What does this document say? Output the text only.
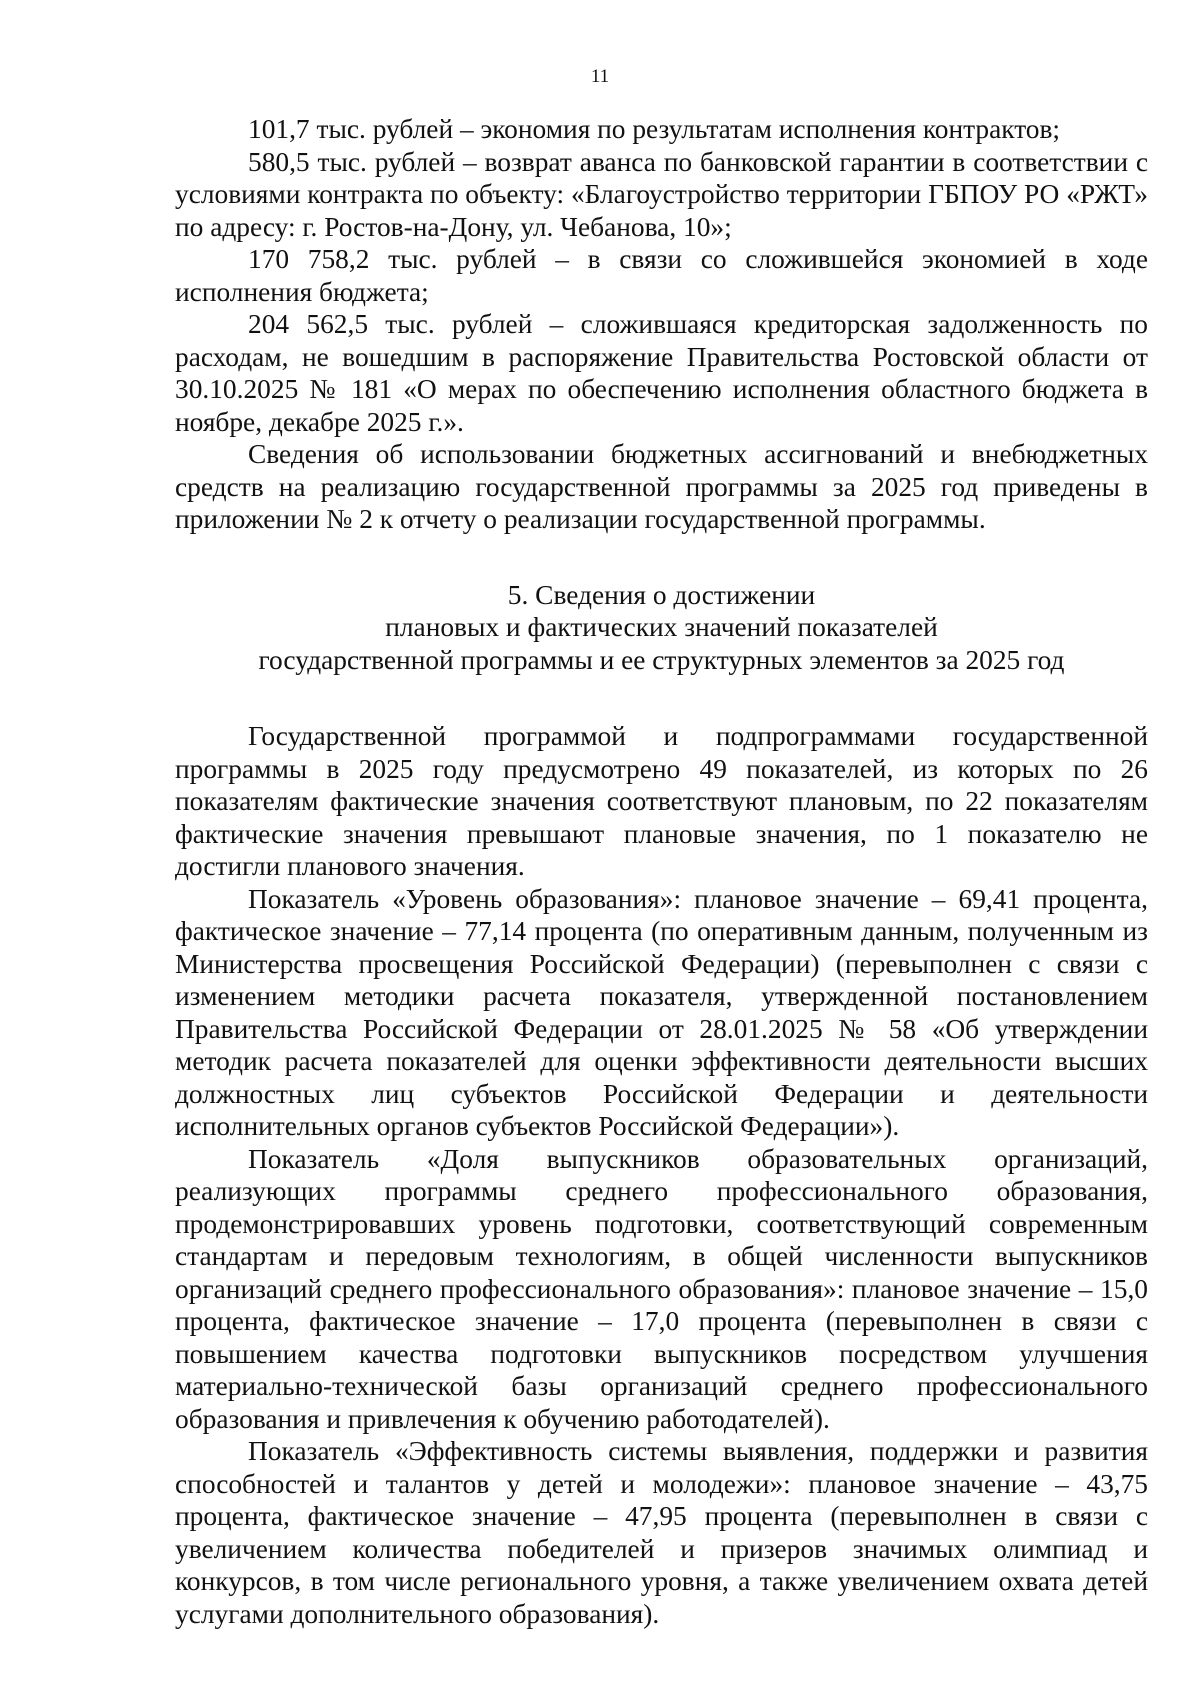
11

101,7 тыс. рублей – экономия по результатам исполнения контрактов;

580,5 тыс. рублей – возврат аванса по банковской гарантии в соответствии с условиями контракта по объекту: «Благоустройство территории ГБПОУ РО «РЖТ» по адресу: г. Ростов-на-Дону, ул. Чебанова, 10»;

170 758,2 тыс. рублей – в связи со сложившейся экономией в ходе исполнения бюджета;

204 562,5 тыс. рублей – сложившаяся кредиторская задолженность по расходам, не вошедшим в распоряжение Правительства Ростовской области от 30.10.2025 № 181 «О мерах по обеспечению исполнения областного бюджета в ноябре, декабре 2025 г.».

Сведения об использовании бюджетных ассигнований и внебюджетных средств на реализацию государственной программы за 2025 год приведены в приложении № 2 к отчету о реализации государственной программы.

5. Сведения о достижении
плановых и фактических значений показателей
государственной программы и ее структурных элементов за 2025 год

Государственной программой и подпрограммами государственной программы в 2025 году предусмотрено 49 показателей, из которых по 26 показателям фактические значения соответствуют плановым, по 22 показателям фактические значения превышают плановые значения, по 1 показателю не достигли планового значения.

Показатель «Уровень образования»: плановое значение – 69,41 процента, фактическое значение – 77,14 процента (по оперативным данным, полученным из Министерства просвещения Российской Федерации) (перевыполнен с связи с изменением методики расчета показателя, утвержденной постановлением Правительства Российской Федерации от 28.01.2025 № 58 «Об утверждении методик расчета показателей для оценки эффективности деятельности высших должностных лиц субъектов Российской Федерации и деятельности исполнительных органов субъектов Российской Федерации»).

Показатель «Доля выпускников образовательных организаций, реализующих программы среднего профессионального образования, продемонстрировавших уровень подготовки, соответствующий современным стандартам и передовым технологиям, в общей численности выпускников организаций среднего профессионального образования»: плановое значение – 15,0 процента, фактическое значение – 17,0 процента (перевыполнен в связи с повышением качества подготовки выпускников посредством улучшения материально-технической базы организаций среднего профессионального образования и привлечения к обучению работодателей).

Показатель «Эффективность системы выявления, поддержки и развития способностей и талантов у детей и молодежи»: плановое значение – 43,75 процента, фактическое значение – 47,95 процента (перевыполнен в связи с увеличением количества победителей и призеров значимых олимпиад и конкурсов, в том числе регионального уровня, а также увеличением охвата детей услугами дополнительного образования).
